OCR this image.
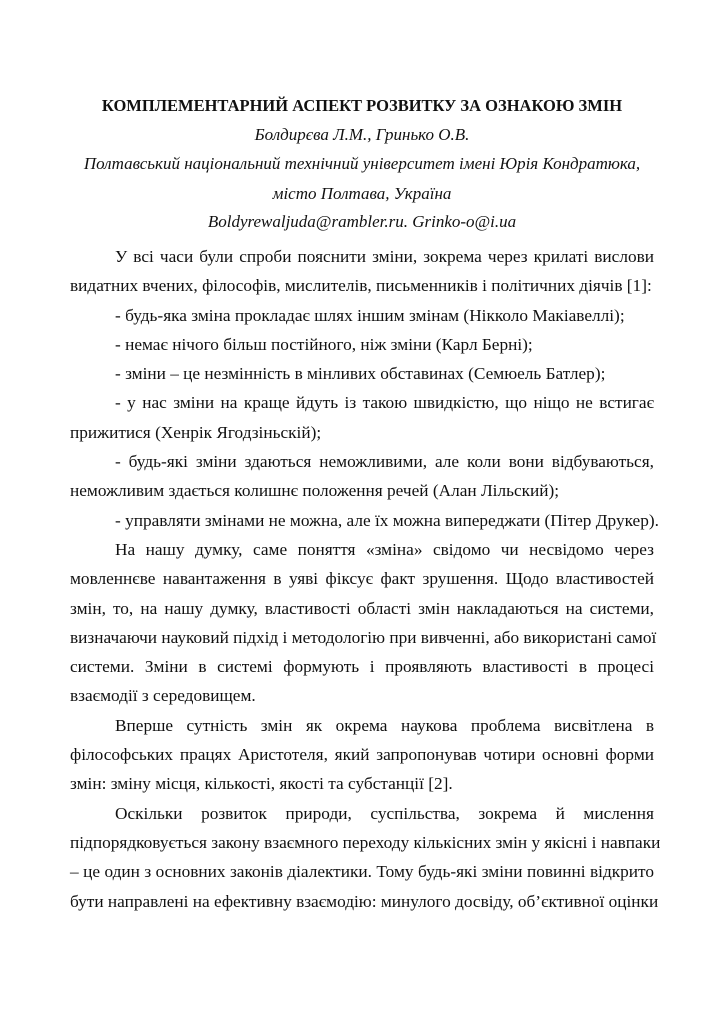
КОМПЛЕМЕНТАРНИЙ АСПЕКТ РОЗВИТКУ ЗА ОЗНАКОЮ ЗМІН
Болдирєва Л.М., Гринько О.В.
Полтавський національний технічний університет імені Юрія Кондратюка,
місто Полтава, Україна
Boldyrewaljuda@rambler.ru. Grinko-o@i.ua
У всі часи були спроби пояснити зміни, зокрема через крилаті вислови
видатних вчених, філософів, мислителів, письменників і політичних діячів [1]:
- будь-яка зміна прокладає шлях іншим змінам (Нікколо Макіавеллі);
- немає нічого більш постійного, ніж зміни (Карл Берні);
- зміни – це незмінність в мінливих обставинах (Семюель Батлер);
- у нас зміни на краще йдуть із такою швидкістю, що ніщо не встигає
прижитися (Хенрік Ягодзіньскій);
- будь-які зміни здаються неможливими, але коли вони відбуваються,
неможливим здається колишнє положення речей (Алан Лільский);
- управляти змінами не можна, але їх можна випереджати (Пітер Друкер).
На нашу думку, саме поняття «зміна» свідомо чи несвідомо через
мовленнєве навантаження в уяві фіксує факт зрушення. Щодо властивостей
змін, то, на нашу думку, властивості області змін накладаються на системи,
визначаючи науковий підхід і методологію при вивченні, або використані самої
системи. Зміни в системі формують і проявляють властивості в процесі
взаємодії з середовищем.
Вперше сутність змін як окрема наукова проблема висвітлена в
філософських працях Аристотеля, який запропонував чотири основні форми
змін: зміну місця, кількості, якості та субстанції [2].
Оскільки розвиток природи, суспільства, зокрема й мислення
підпорядковується закону взаємного переходу кількісних змін у якісні і навпаки
– це один з основних законів діалектики. Тому будь-які зміни повинні відкрито
бути направлені на ефективну взаємодію: минулого досвіду, об’єктивної оцінки
